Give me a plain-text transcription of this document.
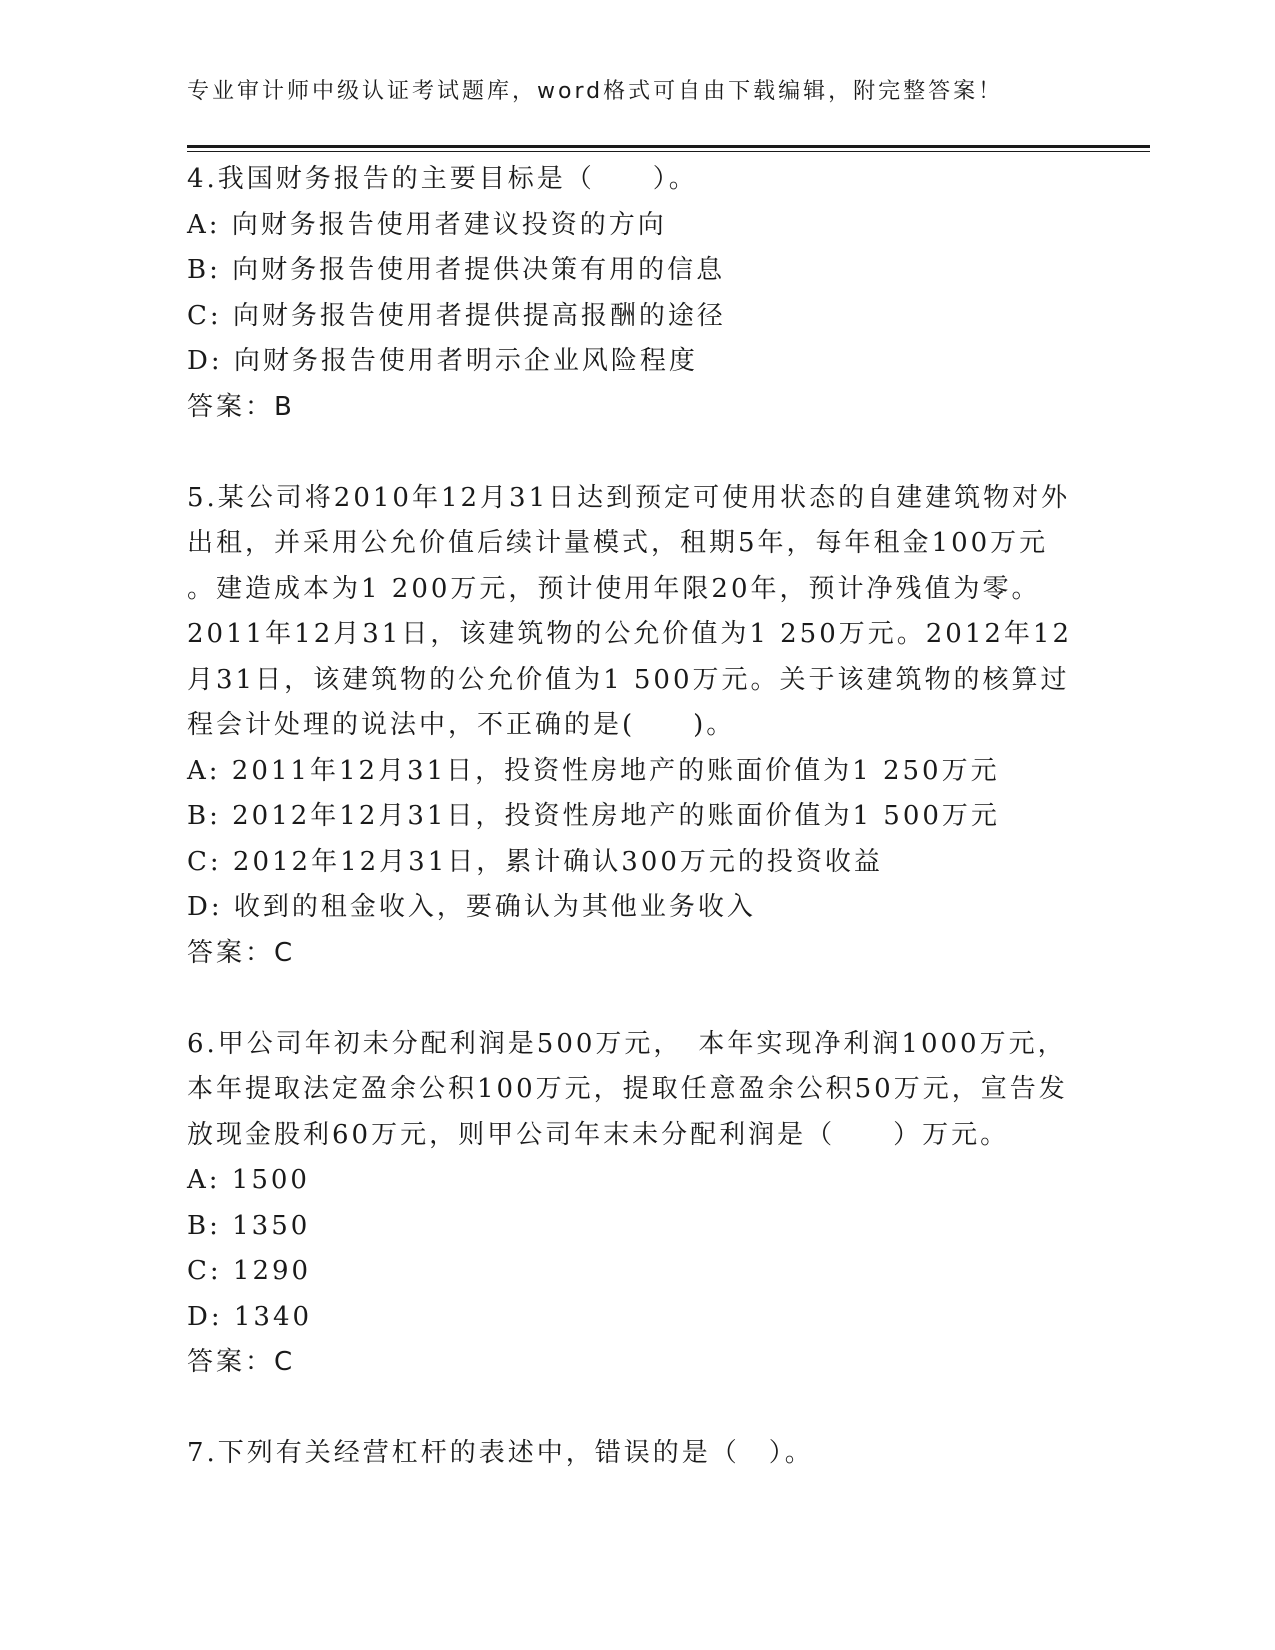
专业审计师中级认证考试题库，word格式可自由下载编辑，附完整答案！

4.我国财务报告的主要目标是（　　）。

A: 向财务报告使用者建议投资的方向

B: 向财务报告使用者提供决策有用的信息

C: 向财务报告使用者提供提高报酬的途径

D: 向财务报告使用者明示企业风险程度

答案：B

5.某公司将2010年12月31日达到预定可使用状态的自建建筑物对外

出租，并采用公允价值后续计量模式，租期5年，每年租金100万元

。建造成本为1 200万元，预计使用年限20年，预计净残值为零。

2011年12月31日，该建筑物的公允价值为1 250万元。2012年12

月31日，该建筑物的公允价值为1 500万元。关于该建筑物的核算过

程会计处理的说法中，不正确的是(　　)。

A: 2011年12月31日，投资性房地产的账面价值为1 250万元

B: 2012年12月31日，投资性房地产的账面价值为1 500万元

C: 2012年12月31日，累计确认300万元的投资收益

D: 收到的租金收入，要确认为其他业务收入

答案：C

6.甲公司年初未分配利润是500万元，　本年实现净利润1000万元，

本年提取法定盈余公积100万元，提取任意盈余公积50万元，宣告发

放现金股利60万元，则甲公司年末未分配利润是（　　）万元。

A: 1500

B: 1350

C: 1290

D: 1340

答案：C

7.下列有关经营杠杆的表述中，错误的是（　）。
